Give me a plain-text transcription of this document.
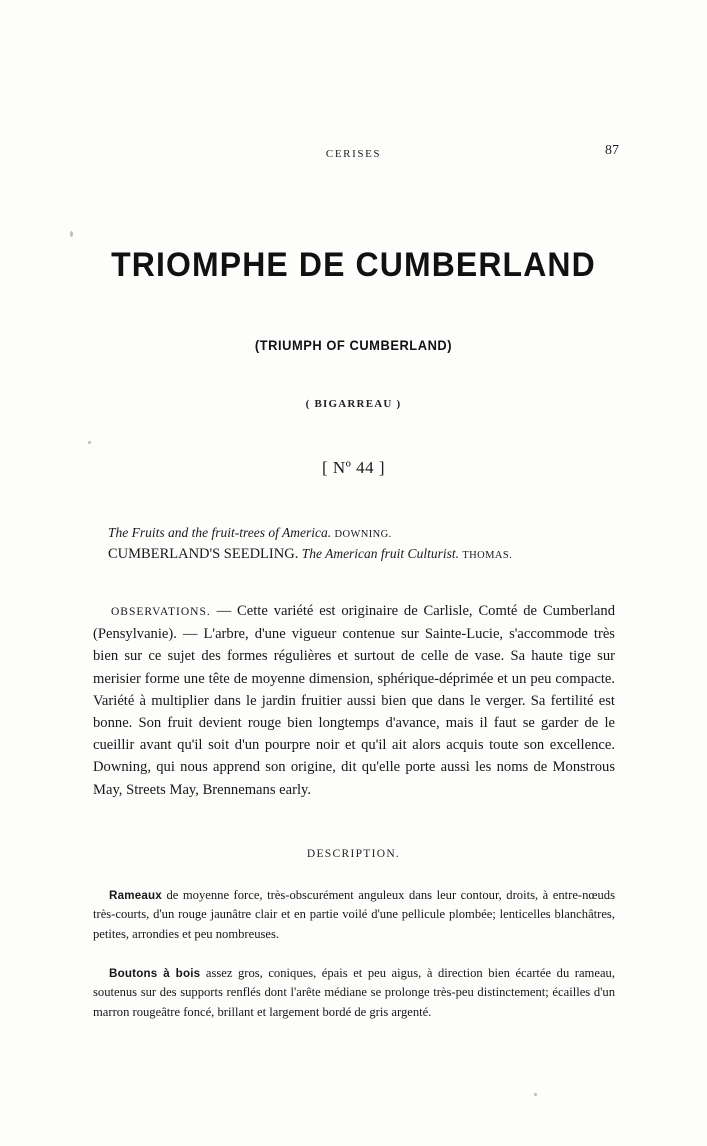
CERISES	87
TRIOMPHE DE CUMBERLAND
(TRIUMPH OF CUMBERLAND)
( BIGARREAU )
[ Nº 44 ]
The Fruits and the fruit-trees of America. DOWNING.
CUMBERLAND'S SEEDLING. The American fruit Culturist. THOMAS.
OBSERVATIONS. — Cette variété est originaire de Carlisle, Comté de Cumberland (Pensylvanie). — L'arbre, d'une vigueur contenue sur Sainte-Lucie, s'accommode très bien sur ce sujet des formes régulières et surtout de celle de vase. Sa haute tige sur merisier forme une tête de moyenne dimension, sphérique-déprimée et un peu compacte. Variété à multiplier dans le jardin fruitier aussi bien que dans le verger. Sa fertilité est bonne. Son fruit devient rouge bien longtemps d'avance, mais il faut se garder de le cueillir avant qu'il soit d'un pourpre noir et qu'il ait alors acquis toute son excellence. Downing, qui nous apprend son origine, dit qu'elle porte aussi les noms de Monstrous May, Streets May, Brennemans early.
DESCRIPTION.
Rameaux de moyenne force, très-obscurément anguleux dans leur contour, droits, à entre-nœuds très-courts, d'un rouge jaunâtre clair et en partie voilé d'une pellicule plombée; lenticelles blanchâtres, petites, arrondies et peu nombreuses.
Boutons à bois assez gros, coniques, épais et peu aigus, à direction bien écartée du rameau, soutenus sur des supports renflés dont l'arête médiane se prolonge très-peu distinctement; écailles d'un marron rougeâtre foncé, brillant et largement bordé de gris argenté.
